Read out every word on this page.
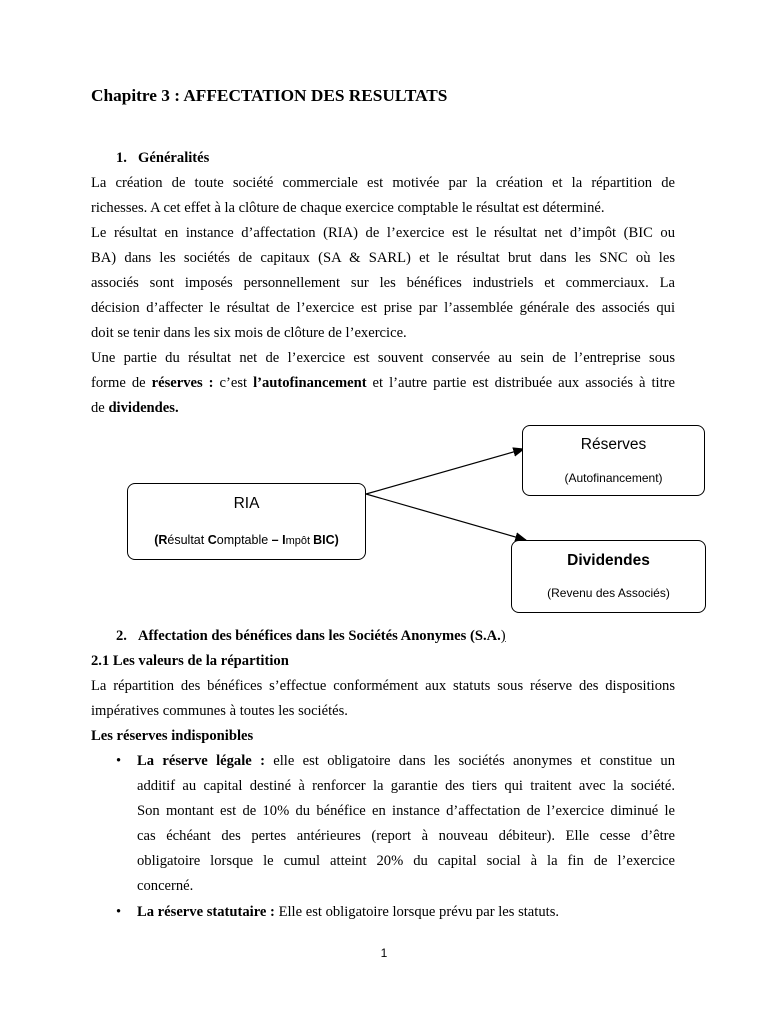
Chapitre 3 : AFFECTATION DES RESULTATS
1. Généralités

La création de toute société commerciale est motivée par la création et la répartition de

richesses. A cet effet à la clôture de chaque exercice comptable le résultat est déterminé.

Le résultat en instance d’affectation (RIA) de l’exercice est le résultat net d’impôt (BIC ou

BA) dans les sociétés de capitaux (SA & SARL) et le résultat brut dans les SNC où les

associés sont imposés personnellement sur les bénéfices industriels et commerciaux. La

décision d’affecter le résultat de l’exercice est prise par l’assemblée générale des associés qui

doit se tenir dans les six mois de clôture de l’exercice.

Une partie du résultat net de l’exercice est souvent conservée au sein de l’entreprise sous

forme de réserves : c’est l’autofinancement et l’autre partie est distribuée aux associés à titre

de dividendes.

RIA
(Résultat Comptable – Impôt BIC)
Réserves
(Autofinancement)
Dividendes
(Revenu des Associés)
2. Affectation des bénéfices dans les Sociétés Anonymes (S.A.)

2.1 Les valeurs de la répartition

La répartition des bénéfices s’effectue conformément aux statuts sous réserve des dispositions

impératives communes à toutes les sociétés.

Les réserves indisponibles

• La réserve légale : elle est obligatoire dans les sociétés anonymes et constitue un

additif au capital destiné à renforcer la garantie des tiers qui traitent avec la société.

Son montant est de 10% du bénéfice en instance d’affectation de l’exercice diminué le

cas échéant des pertes antérieures (report à nouveau débiteur). Elle cesse d’être

obligatoire lorsque le cumul atteint 20% du capital social à la fin de l’exercice

concerné.

• La réserve statutaire : Elle est obligatoire lorsque prévu par les statuts.

1
